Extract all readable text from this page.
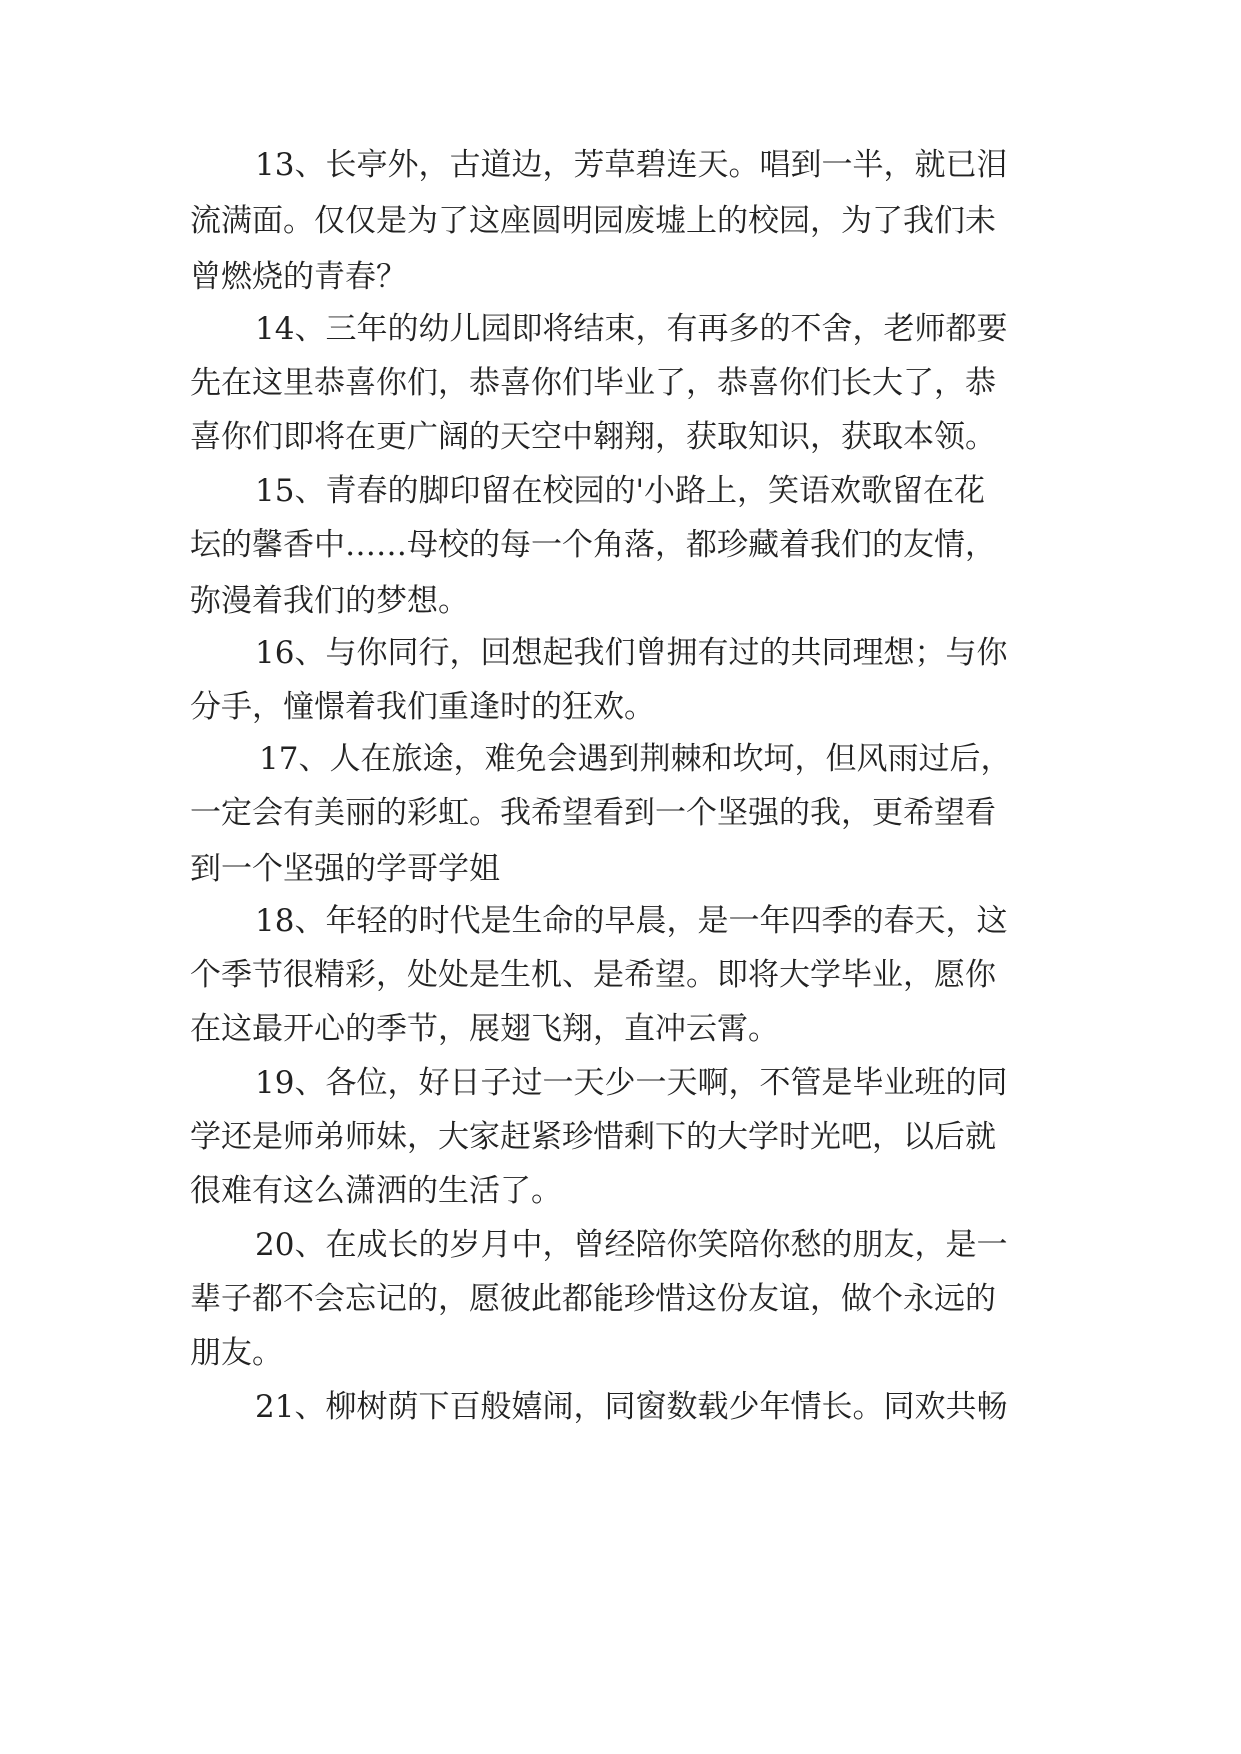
13、长亭外，古道边，芳草碧连天。唱到一半，就已泪
流满面。仅仅是为了这座圆明园废墟上的校园，为了我们未
曾燃烧的青春？
14、三年的幼儿园即将结束，有再多的不舍，老师都要
先在这里恭喜你们，恭喜你们毕业了，恭喜你们长大了，恭
喜你们即将在更广阔的天空中翱翔，获取知识，获取本领。
15、青春的脚印留在校园的'小路上，笑语欢歌留在花
坛的馨香中……母校的每一个角落，都珍藏着我们的友情，
弥漫着我们的梦想。
16、与你同行，回想起我们曾拥有过的共同理想；与你
分手，憧憬着我们重逢时的狂欢。
17、人在旅途，难免会遇到荆棘和坎坷，但风雨过后，
一定会有美丽的彩虹。我希望看到一个坚强的我，更希望看
到一个坚强的学哥学姐
18、年轻的时代是生命的早晨，是一年四季的春天，这
个季节很精彩，处处是生机、是希望。即将大学毕业，愿你
在这最开心的季节，展翅飞翔，直冲云霄。
19、各位，好日子过一天少一天啊，不管是毕业班的同
学还是师弟师妹，大家赶紧珍惜剩下的大学时光吧，以后就
很难有这么潇洒的生活了。
20、在成长的岁月中，曾经陪你笑陪你愁的朋友，是一
辈子都不会忘记的，愿彼此都能珍惜这份友谊，做个永远的
朋友。
21、柳树荫下百般嬉闹，同窗数载少年情长。同欢共畅
